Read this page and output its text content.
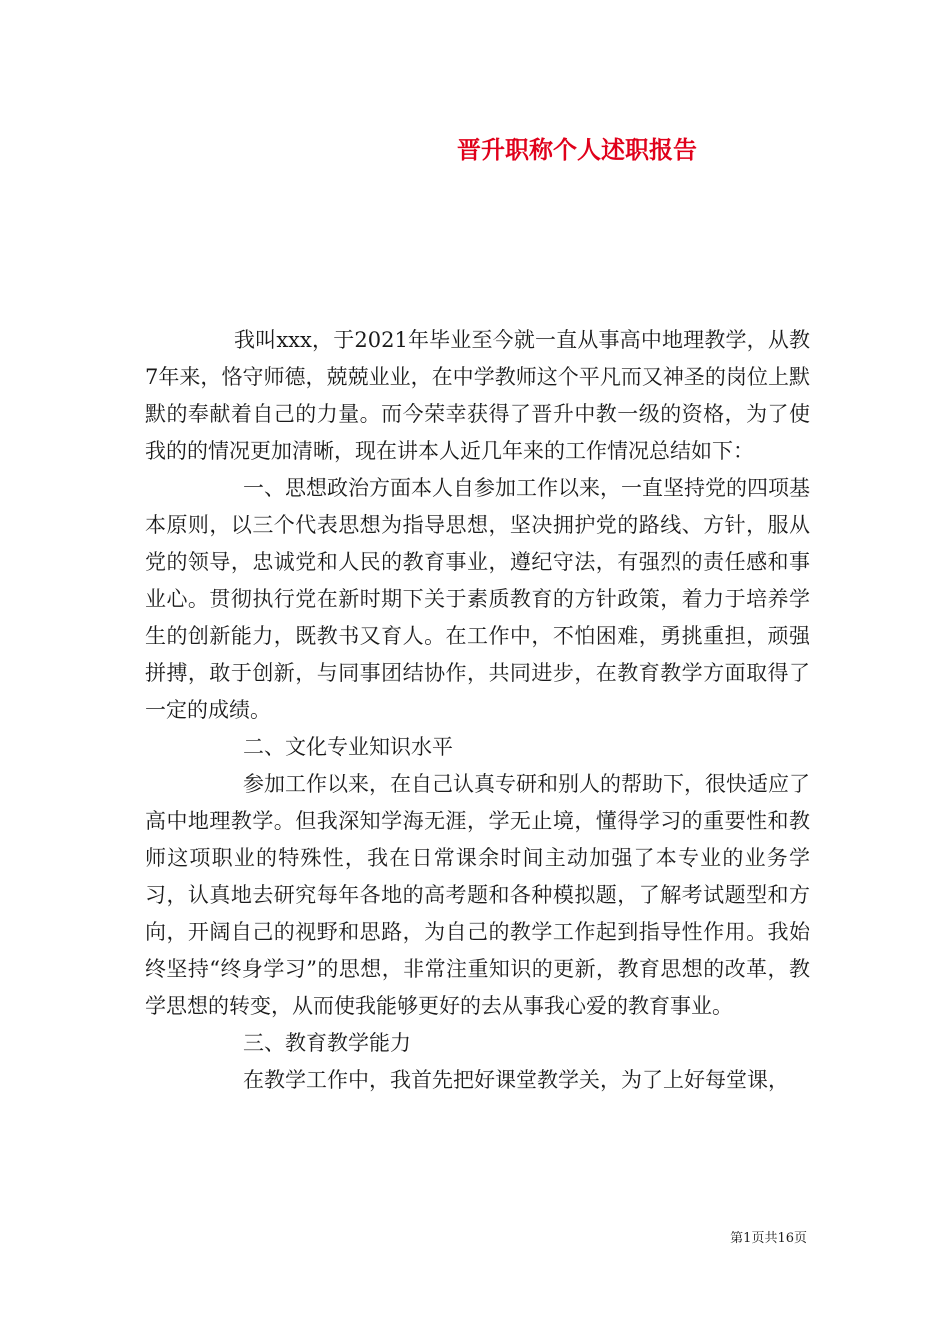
晋升职称个人述职报告

我叫xxx，于2021年毕业至今就一直从事高中地理教学，从教7年来，恪守师德，兢兢业业，在中学教师这个平凡而又神圣的岗位上默默的奉献着自己的力量。而今荣幸获得了晋升中教一级的资格，为了使我的的情况更加清晰，现在讲本人近几年来的工作情况总结如下：

一、思想政治方面本人自参加工作以来，一直坚持党的四项基本原则，以三个代表思想为指导思想，坚决拥护党的路线、方针，服从党的领导，忠诚党和人民的教育事业，遵纪守法，有强烈的责任感和事业心。贯彻执行党在新时期下关于素质教育的方针政策，着力于培养学生的创新能力，既教书又育人。在工作中，不怕困难，勇挑重担，顽强拼搏，敢于创新，与同事团结协作，共同进步，在教育教学方面取得了一定的成绩。

二、文化专业知识水平

参加工作以来，在自己认真专研和别人的帮助下，很快适应了高中地理教学。但我深知学海无涯，学无止境，懂得学习的重要性和教师这项职业的特殊性，我在日常课余时间主动加强了本专业的业务学习，认真地去研究每年各地的高考题和各种模拟题，了解考试题型和方向，开阔自己的视野和思路，为自己的教学工作起到指导性作用。我始终坚持“终身学习”的思想，非常注重知识的更新，教育思想的改革，教学思想的转变，从而使我能够更好的去从事我心爱的教育事业。

三、教育教学能力

在教学工作中，我首先把好课堂教学关，为了上好每堂课，

第1页共16页
